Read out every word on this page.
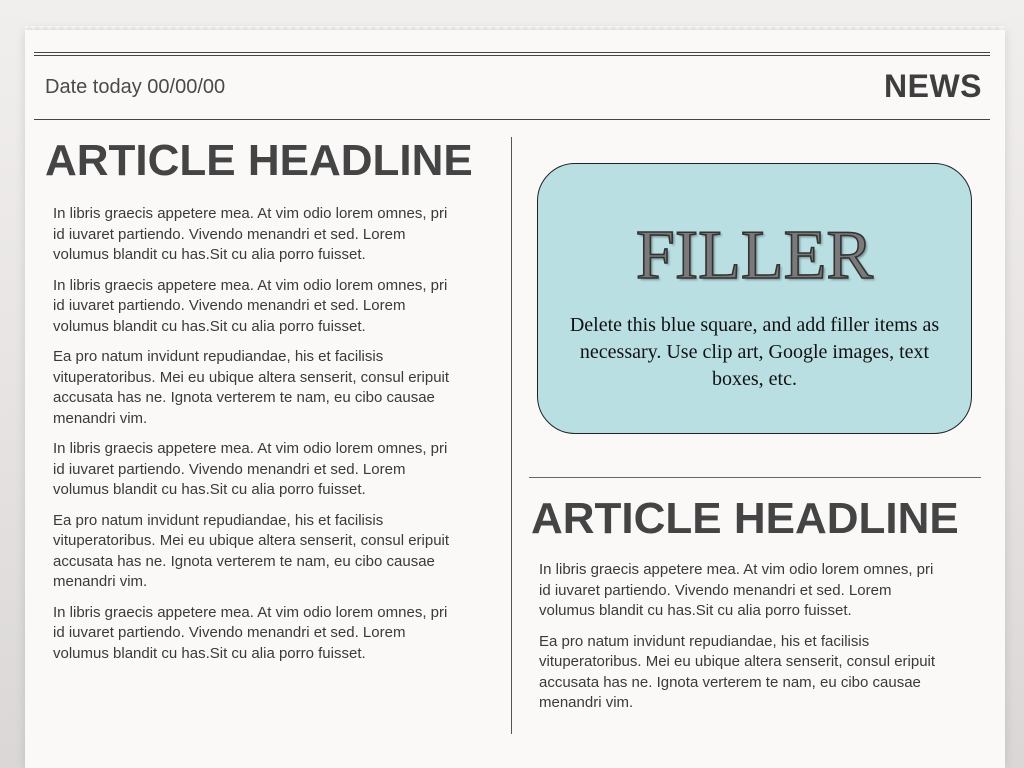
Date today 00/00/00	NEWS
ARTICLE HEADLINE

In libris graecis appetere mea. At vim odio lorem omnes, pri id iuvaret partiendo. Vivendo menandri et sed. Lorem volumus blandit cu has.Sit cu alia porro fuisset.

In libris graecis appetere mea. At vim odio lorem omnes, pri id iuvaret partiendo. Vivendo menandri et sed. Lorem volumus blandit cu has.Sit cu alia porro fuisset.

Ea pro natum invidunt repudiandae, his et facilisis vituperatoribus. Mei eu ubique altera senserit, consul eripuit accusata has ne. Ignota verterem te nam, eu cibo causae menandri vim.

In libris graecis appetere mea. At vim odio lorem omnes, pri id iuvaret partiendo. Vivendo menandri et sed. Lorem volumus blandit cu has.Sit cu alia porro fuisset.

Ea pro natum invidunt repudiandae, his et facilisis vituperatoribus. Mei eu ubique altera senserit, consul eripuit accusata has ne. Ignota verterem te nam, eu cibo causae menandri vim.

In libris graecis appetere mea. At vim odio lorem omnes, pri id iuvaret partiendo. Vivendo menandri et sed. Lorem volumus blandit cu has.Sit cu alia porro fuisset.

FILLER
Delete this blue square, and add filler items as necessary. Use clip art, Google images, text boxes, etc.
ARTICLE HEADLINE

In libris graecis appetere mea. At vim odio lorem omnes, pri id iuvaret partiendo. Vivendo menandri et sed. Lorem volumus blandit cu has.Sit cu alia porro fuisset.

Ea pro natum invidunt repudiandae, his et facilisis vituperatoribus. Mei eu ubique altera senserit, consul eripuit accusata has ne. Ignota verterem te nam, eu cibo causae menandri vim.
